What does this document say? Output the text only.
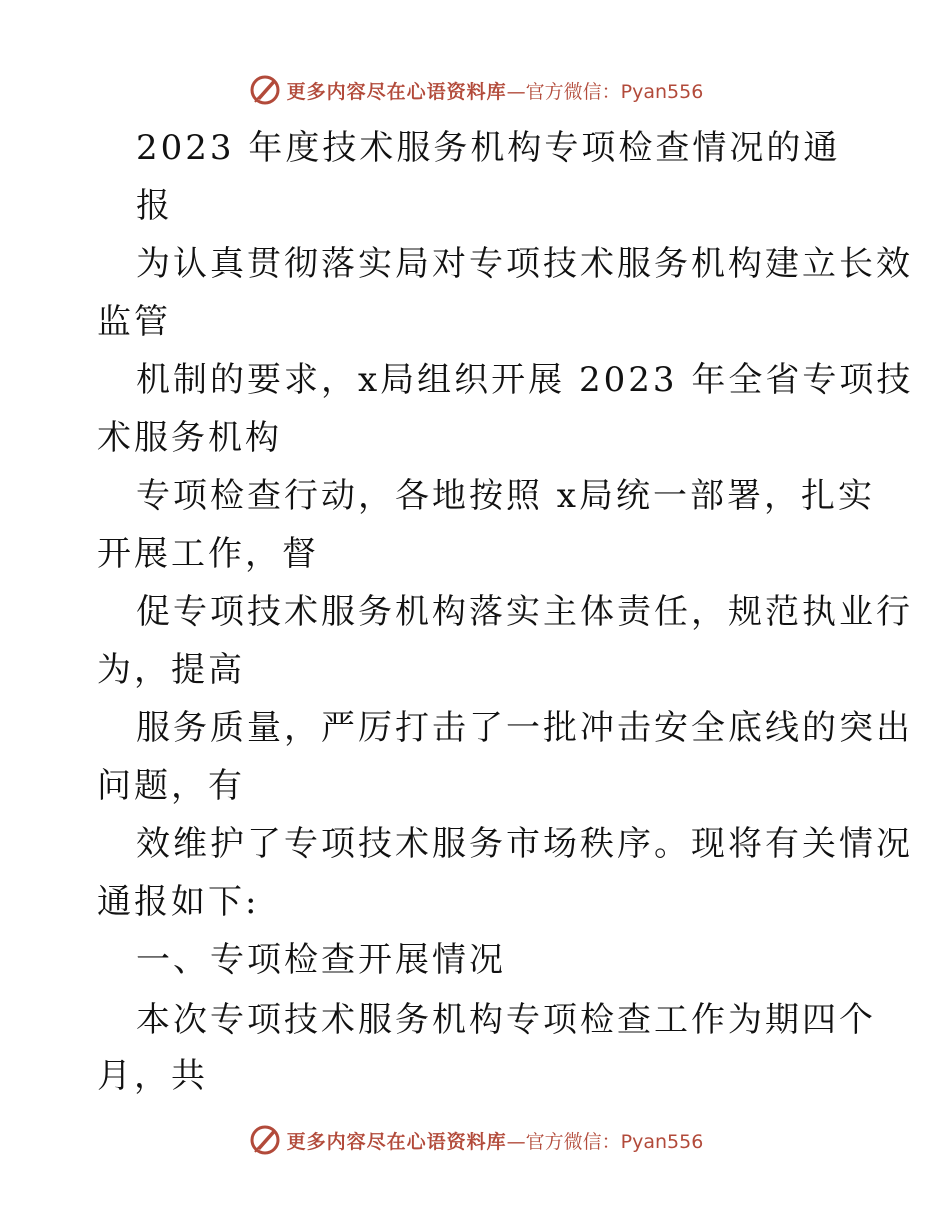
更多内容尽在心语资料库 —官方微信：Pyan556
2023 年度技术服务机构专项检查情况的通
报
为认真贯彻落实局对专项技术服务机构建立长效
监管
机制的要求，x局组织开展 2023 年全省专项技
术服务机构
专项检查行动，各地按照 x局统一部署，扎实
开展工作，督
促专项技术服务机构落实主体责任，规范执业行
为，提高
服务质量，严厉打击了一批冲击安全底线的突出
问题，有
效维护了专项技术服务市场秩序。现将有关情况
通报如下:
一、专项检查开展情况
本次专项技术服务机构专项检查工作为期四个
月，共
更多内容尽在心语资料库 —官方微信：Pyan556
